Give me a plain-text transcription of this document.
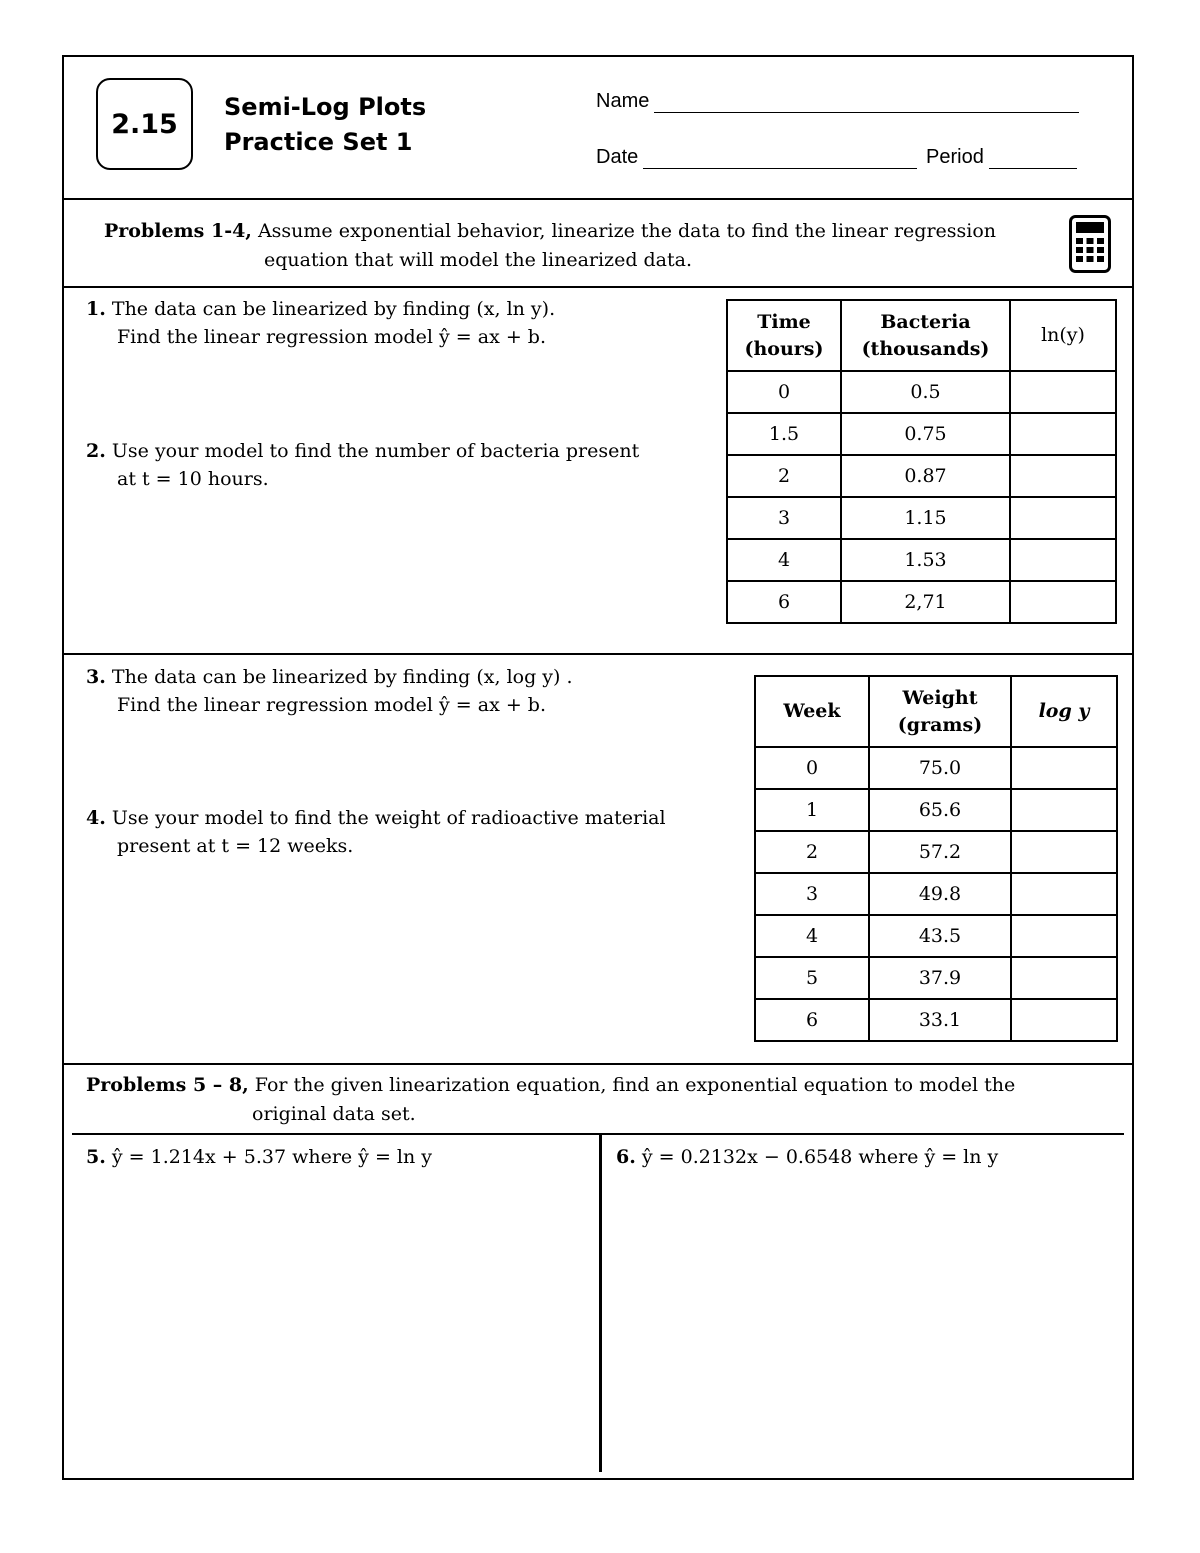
2.15
Semi-Log Plots
Practice Set 1
Name
Date	Period
Problems 1-4, Assume exponential behavior, linearize the data to find the linear regression
equation that will model the linearized data.
1. The data can be linearized by finding (x, ln y).
Find the linear regression model ŷ = ax + b.
2. Use your model to find the number of bacteria present
at t = 10 hours.
Time (hours)	Bacteria (thousands)	ln(y)
0	0.5	
1.5	0.75	
2	0.87	
3	1.15	
4	1.53	
6	2,71	
3. The data can be linearized by finding (x, log y) .
Find the linear regression model ŷ = ax + b.
4. Use your model to find the weight of radioactive material
present at t = 12 weeks.
Week	Weight (grams)	log y
0	75.0	
1	65.6	
2	57.2	
3	49.8	
4	43.5	
5	37.9	
6	33.1	
Problems 5 – 8, For the given linearization equation, find an exponential equation to model the
original data set.
5. ŷ = 1.214x + 5.37 where ŷ = ln y	6. ŷ = 0.2132x − 0.6548 where ŷ = ln y
